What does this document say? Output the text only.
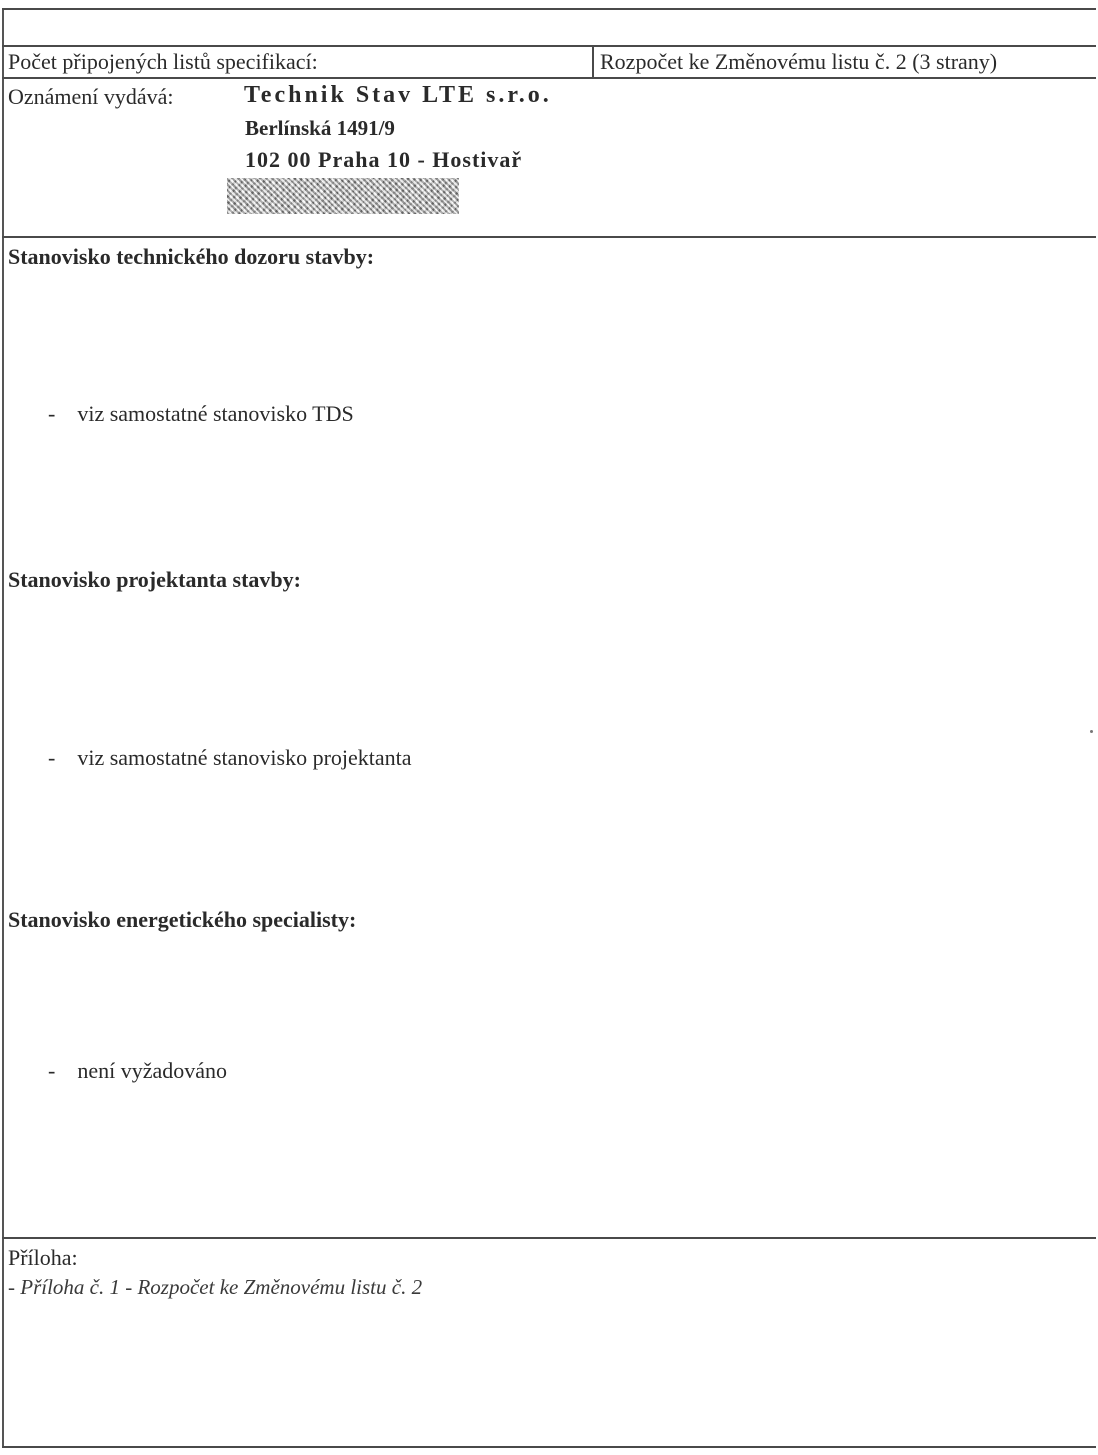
Počet připojených listů specifikací:	Rozpočet ke Změnovému listu č. 2 (3 strany)
Oznámení vydává:	Technik Stav LTE s.r.o.
Berlínská 1491/9
102 00 Praha 10 - Hostivař
Stanovisko technického dozoru stavby:
-    viz samostatné stanovisko TDS
Stanovisko projektanta stavby:
-    viz samostatné stanovisko projektanta
Stanovisko energetického specialisty:
-    není vyžadováno
Příloha:
- Příloha č. 1 - Rozpočet ke Změnovému listu č. 2
